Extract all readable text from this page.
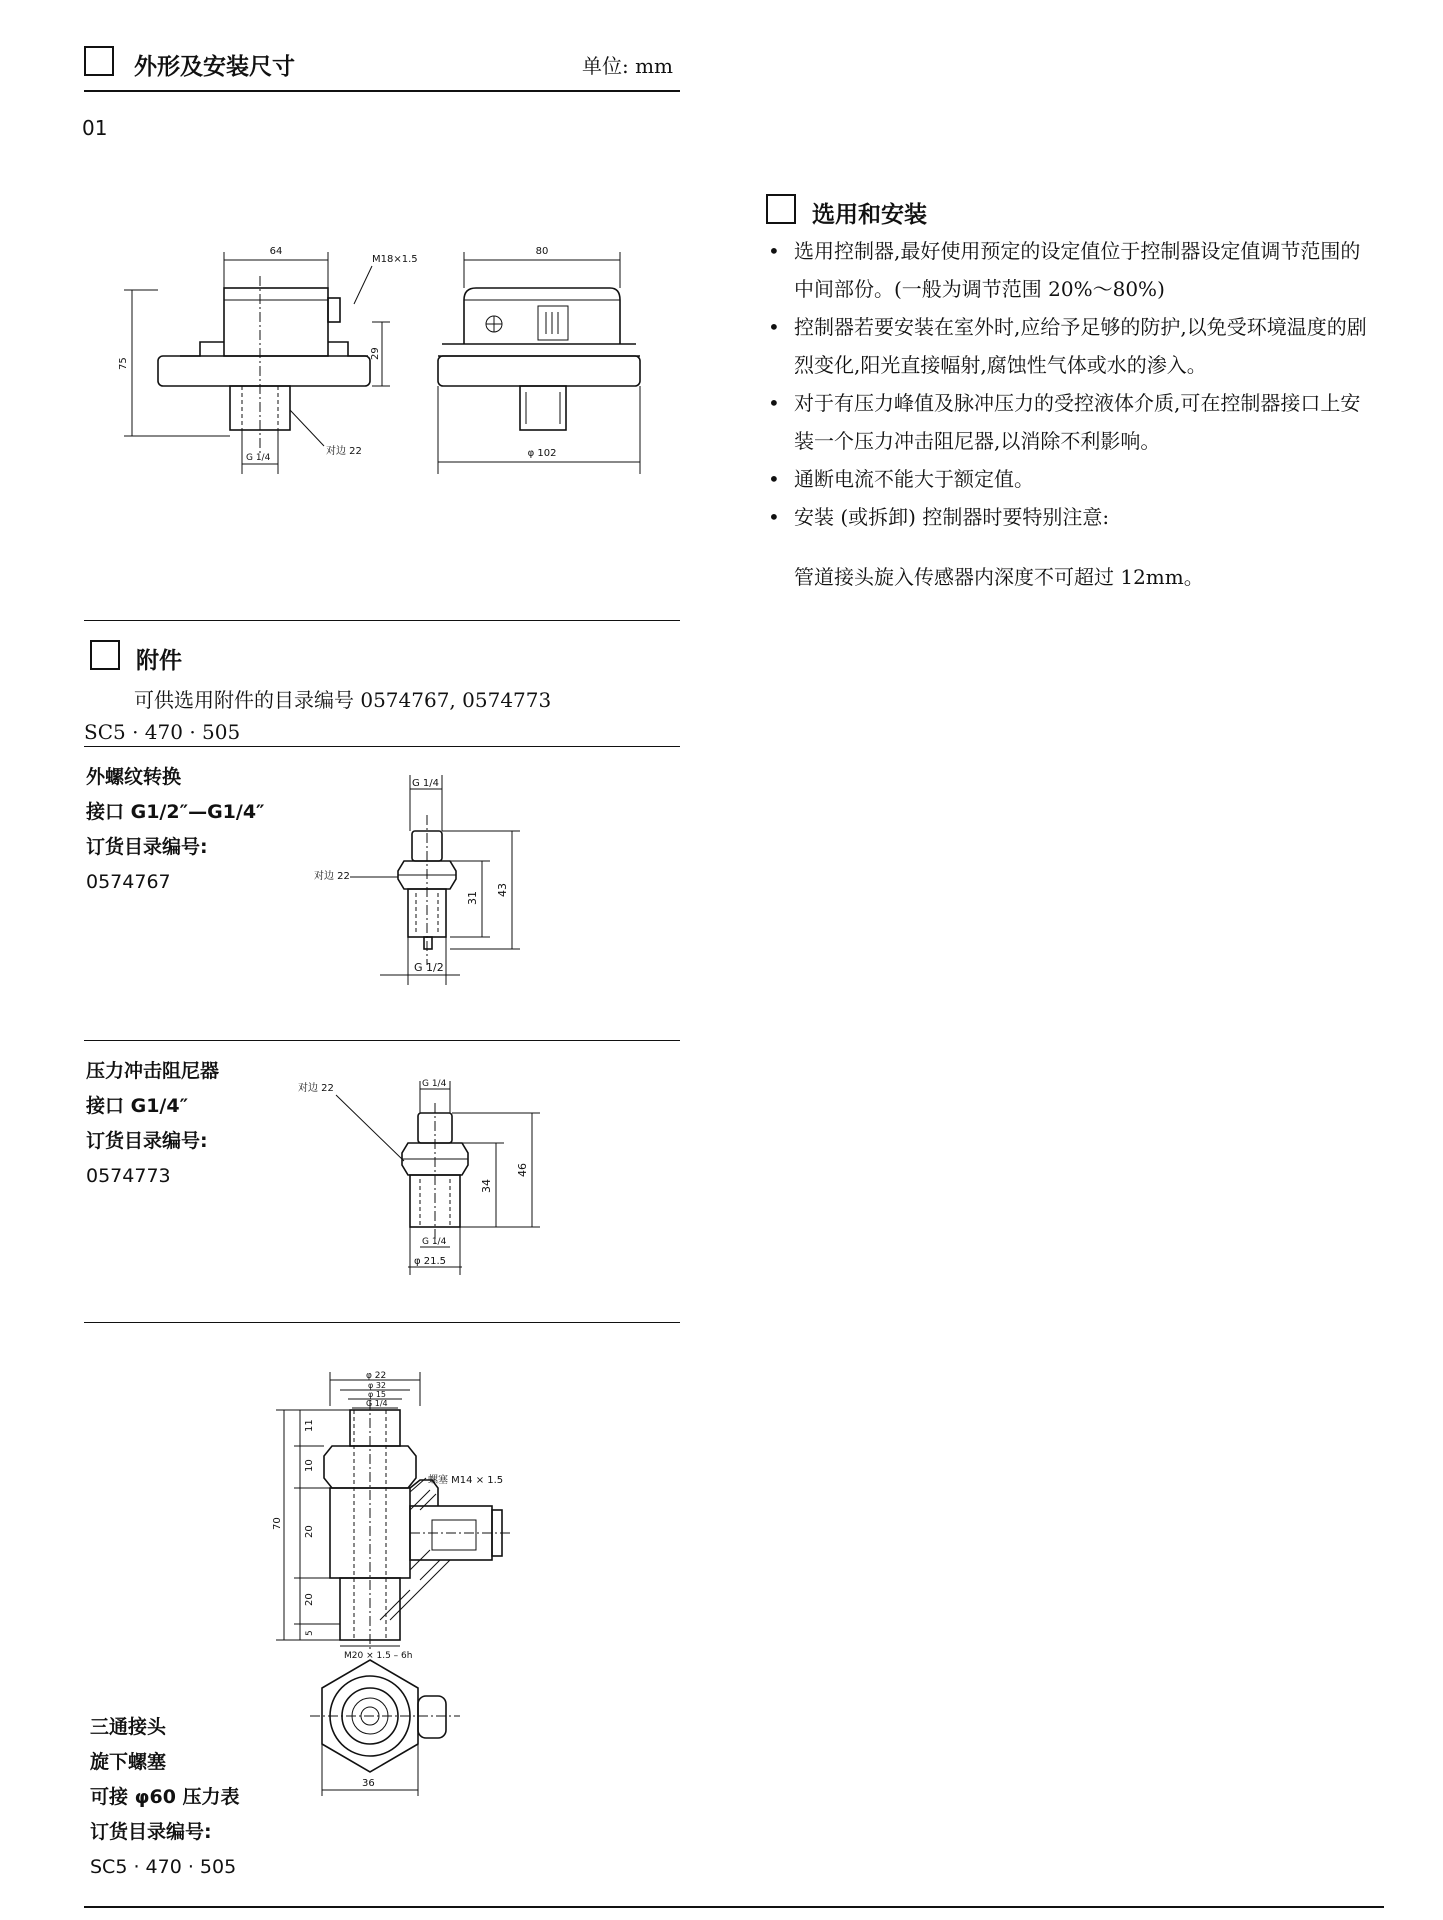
外形及安装尺寸	单位: mm
01
64
M18×1.5
75
29
G 1/4
对边 22
80
φ 102
选用和安装
• 选用控制器,最好使用预定的设定值位于控制器设定值调节范围的中间部份。(一般为调节范围 20%～80%)
• 控制器若要安装在室外时,应给予足够的防护,以免受环境温度的剧烈变化,阳光直接幅射,腐蚀性气体或水的渗入。
• 对于有压力峰值及脉冲压力的受控液体介质,可在控制器接口上安装一个压力冲击阻尼器,以消除不利影响。
• 通断电流不能大于额定值。
• 安装 (或拆卸) 控制器时要特别注意:
管道接头旋入传感器内深度不可超过 12mm。
附件
可供选用附件的目录编号 0574767, 0574773
SC5 · 470 · 505
外螺纹转换
接口 G1/2″—G1/4″
订货目录编号:
0574767
G 1/4
对边 22
31
43
G 1/2
压力冲击阻尼器
接口 G1/4″
订货目录编号:
0574773
对边 22	G 1/4
34
46
G 1/4
φ 21.5
φ 22
φ 32
φ 15
G 1/4
螺塞 M14 × 1.5
70
11
10
20
20
5
M20 × 1.5 – 6h
36
三通接头
旋下螺塞
可接 φ60 压力表
订货目录编号:
SC5 · 470 · 505
